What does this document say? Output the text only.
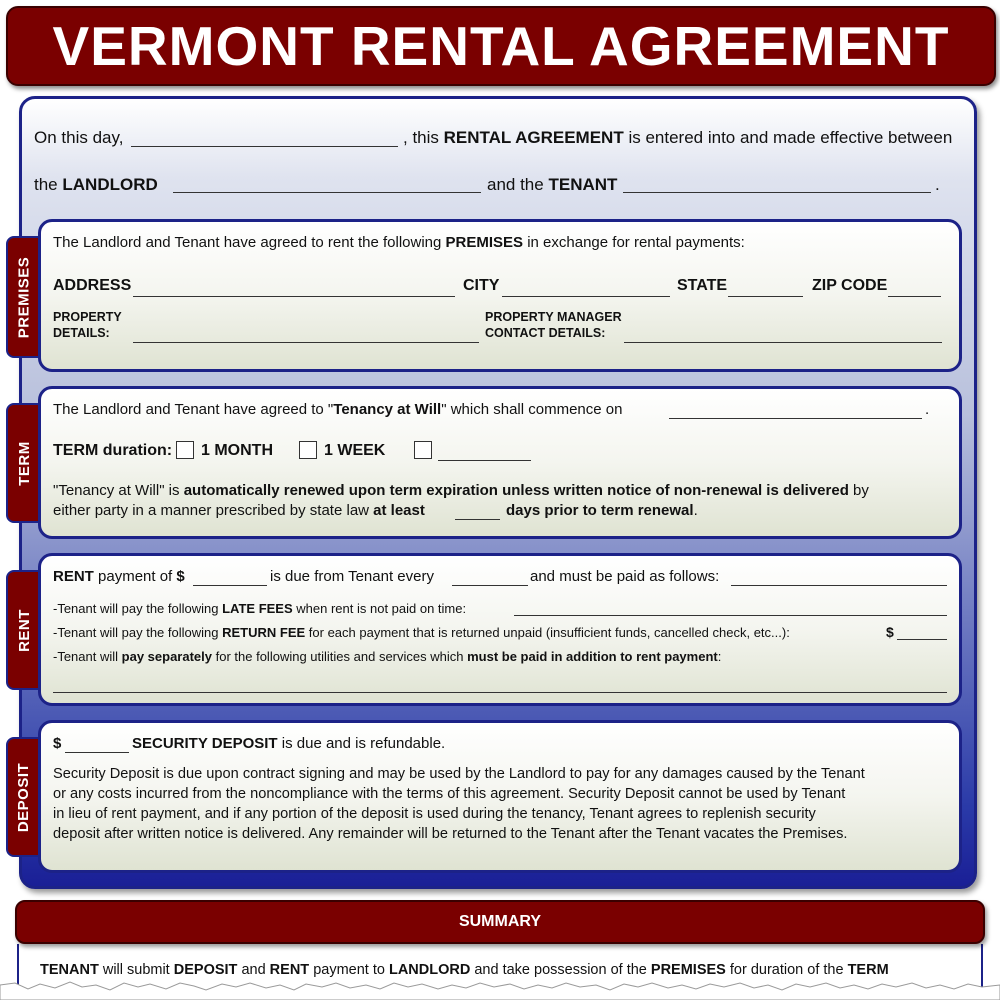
VERMONT RENTAL AGREEMENT
On this day,	, this RENTAL AGREEMENT is entered into and made effective between
the LANDLORD	and the TENANT	.
PREMISES
The Landlord and Tenant have agreed to rent the following PREMISES in exchange for rental payments:
ADDRESS	CITY	STATE	ZIP CODE
PROPERTY
DETAILS:
PROPERTY MANAGER
CONTACT DETAILS:
TERM
The Landlord and Tenant have agreed to "Tenancy at Will" which shall commence on	.
TERM duration: 1 MONTH	1 WEEK
"Tenancy at Will" is automatically renewed upon term expiration unless written notice of non-renewal is delivered by
either party in a manner prescribed by state law at least	days prior to term renewal.
RENT
RENT payment of $	is due from Tenant every	and must be paid as follows:
-Tenant will pay the following LATE FEES when rent is not paid on time:
-Tenant will pay the following RETURN FEE for each payment that is returned unpaid (insufficient funds, cancelled check, etc...):	$
-Tenant will pay separately for the following utilities and services which must be paid in addition to rent payment:
DEPOSIT
$	SECURITY DEPOSIT is due and is refundable.
Security Deposit is due upon contract signing and may be used by the Landlord to pay for any damages caused by the Tenant
or any costs incurred from the noncompliance with the terms of this agreement. Security Deposit cannot be used by Tenant
in lieu of rent payment, and if any portion of the deposit is used during the tenancy, Tenant agrees to replenish security
deposit after written notice is delivered. Any remainder will be returned to the Tenant after the Tenant vacates the Premises.
SUMMARY
TENANT will submit DEPOSIT and RENT payment to LANDLORD and take possession of the PREMISES for duration of the TERM
